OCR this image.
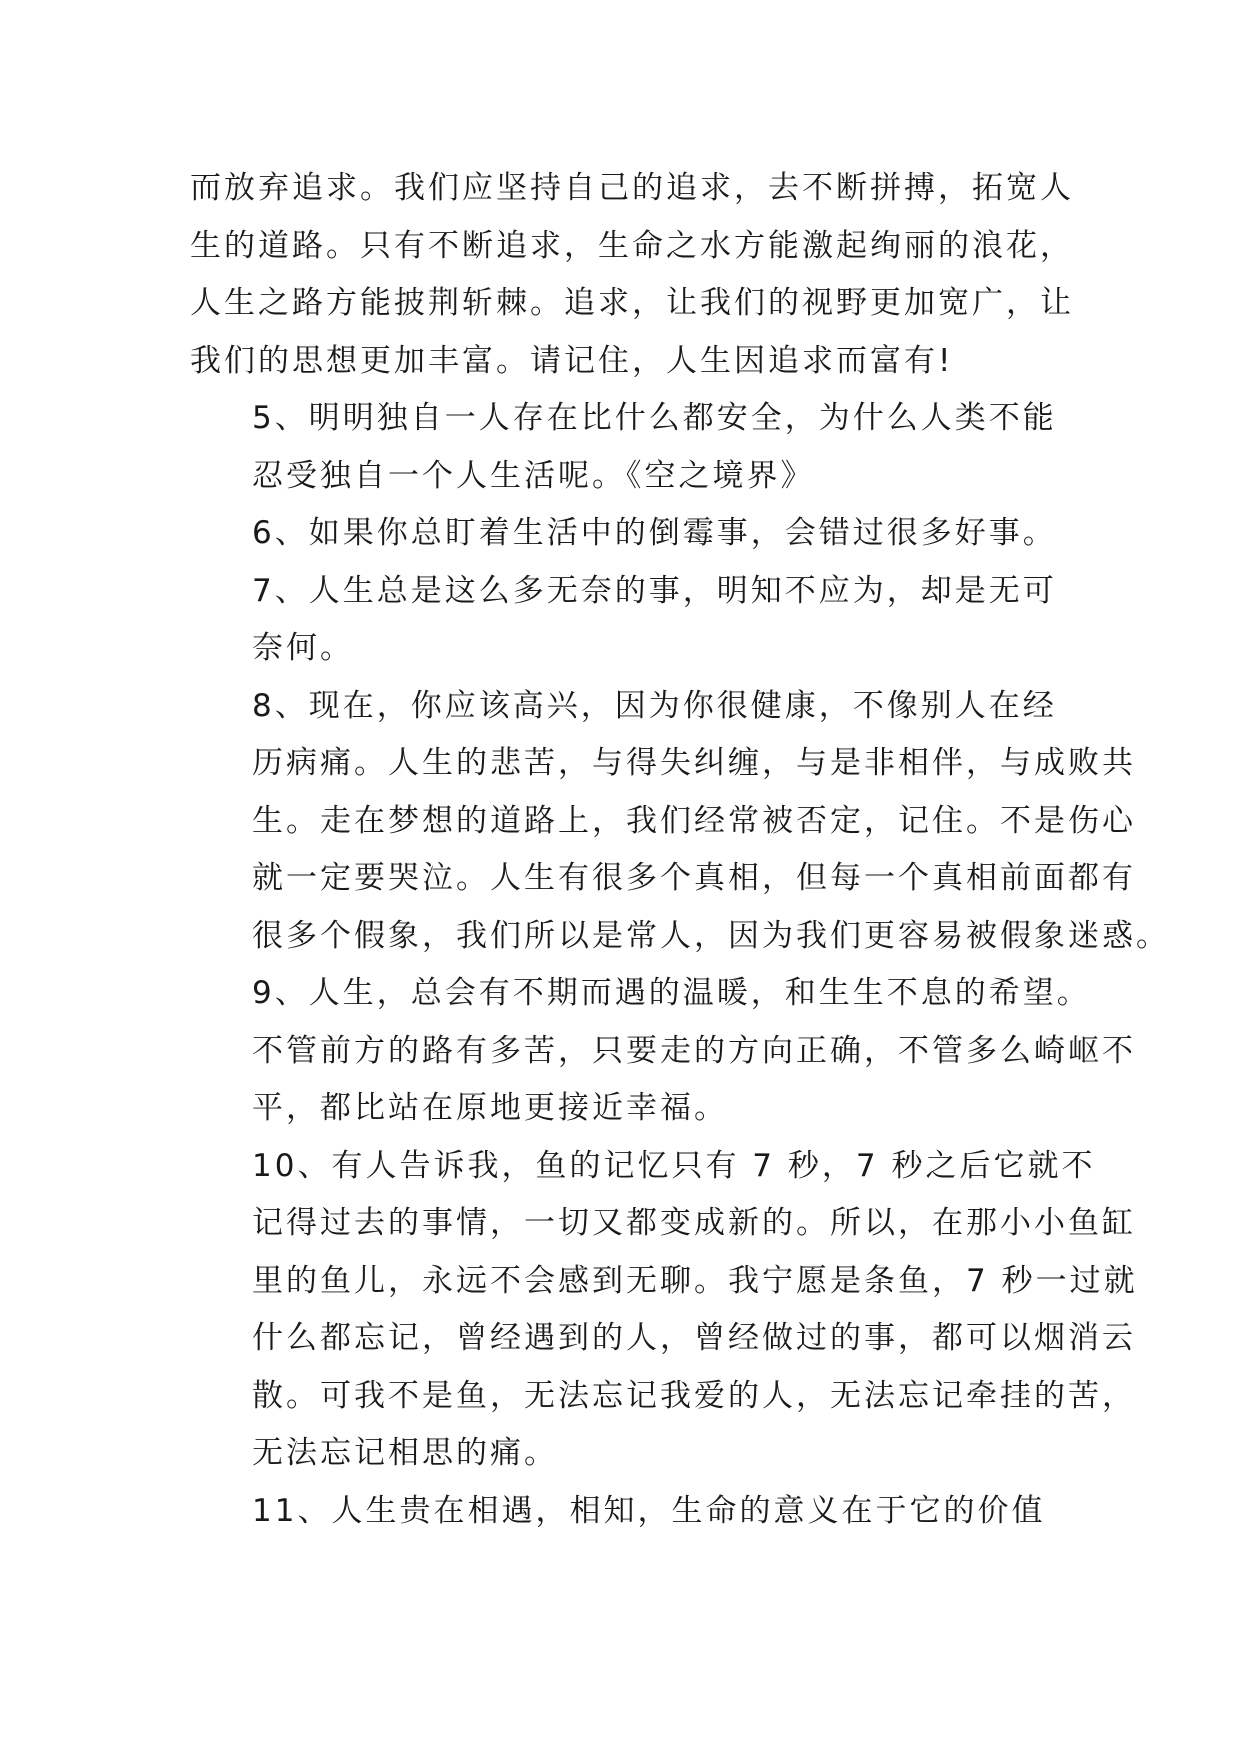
而放弃追求。我们应坚持自己的追求，去不断拼搏，拓宽人
生的道路。只有不断追求，生命之水方能激起绚丽的浪花，
人生之路方能披荆斩棘。追求，让我们的视野更加宽广，让
我们的思想更加丰富。请记住，人生因追求而富有!

5、明明独自一人存在比什么都安全，为什么人类不能
忍受独自一个人生活呢。《空之境界》

6、如果你总盯着生活中的倒霉事，会错过很多好事。

7、人生总是这么多无奈的事，明知不应为，却是无可
奈何。

8、现在，你应该高兴，因为你很健康，不像别人在经
历病痛。人生的悲苦，与得失纠缠，与是非相伴，与成败共
生。走在梦想的道路上，我们经常被否定，记住。不是伤心
就一定要哭泣。人生有很多个真相，但每一个真相前面都有
很多个假象，我们所以是常人，因为我们更容易被假象迷惑。

9、人生，总会有不期而遇的温暖，和生生不息的希望。
不管前方的路有多苦，只要走的方向正确，不管多么崎岖不
平，都比站在原地更接近幸福。

10、有人告诉我，鱼的记忆只有 7 秒，7 秒之后它就不
记得过去的事情，一切又都变成新的。所以，在那小小鱼缸
里的鱼儿，永远不会感到无聊。我宁愿是条鱼，7 秒一过就
什么都忘记，曾经遇到的人，曾经做过的事，都可以烟消云
散。可我不是鱼，无法忘记我爱的人，无法忘记牵挂的苦，
无法忘记相思的痛。

11、人生贵在相遇，相知，生命的意义在于它的价值
